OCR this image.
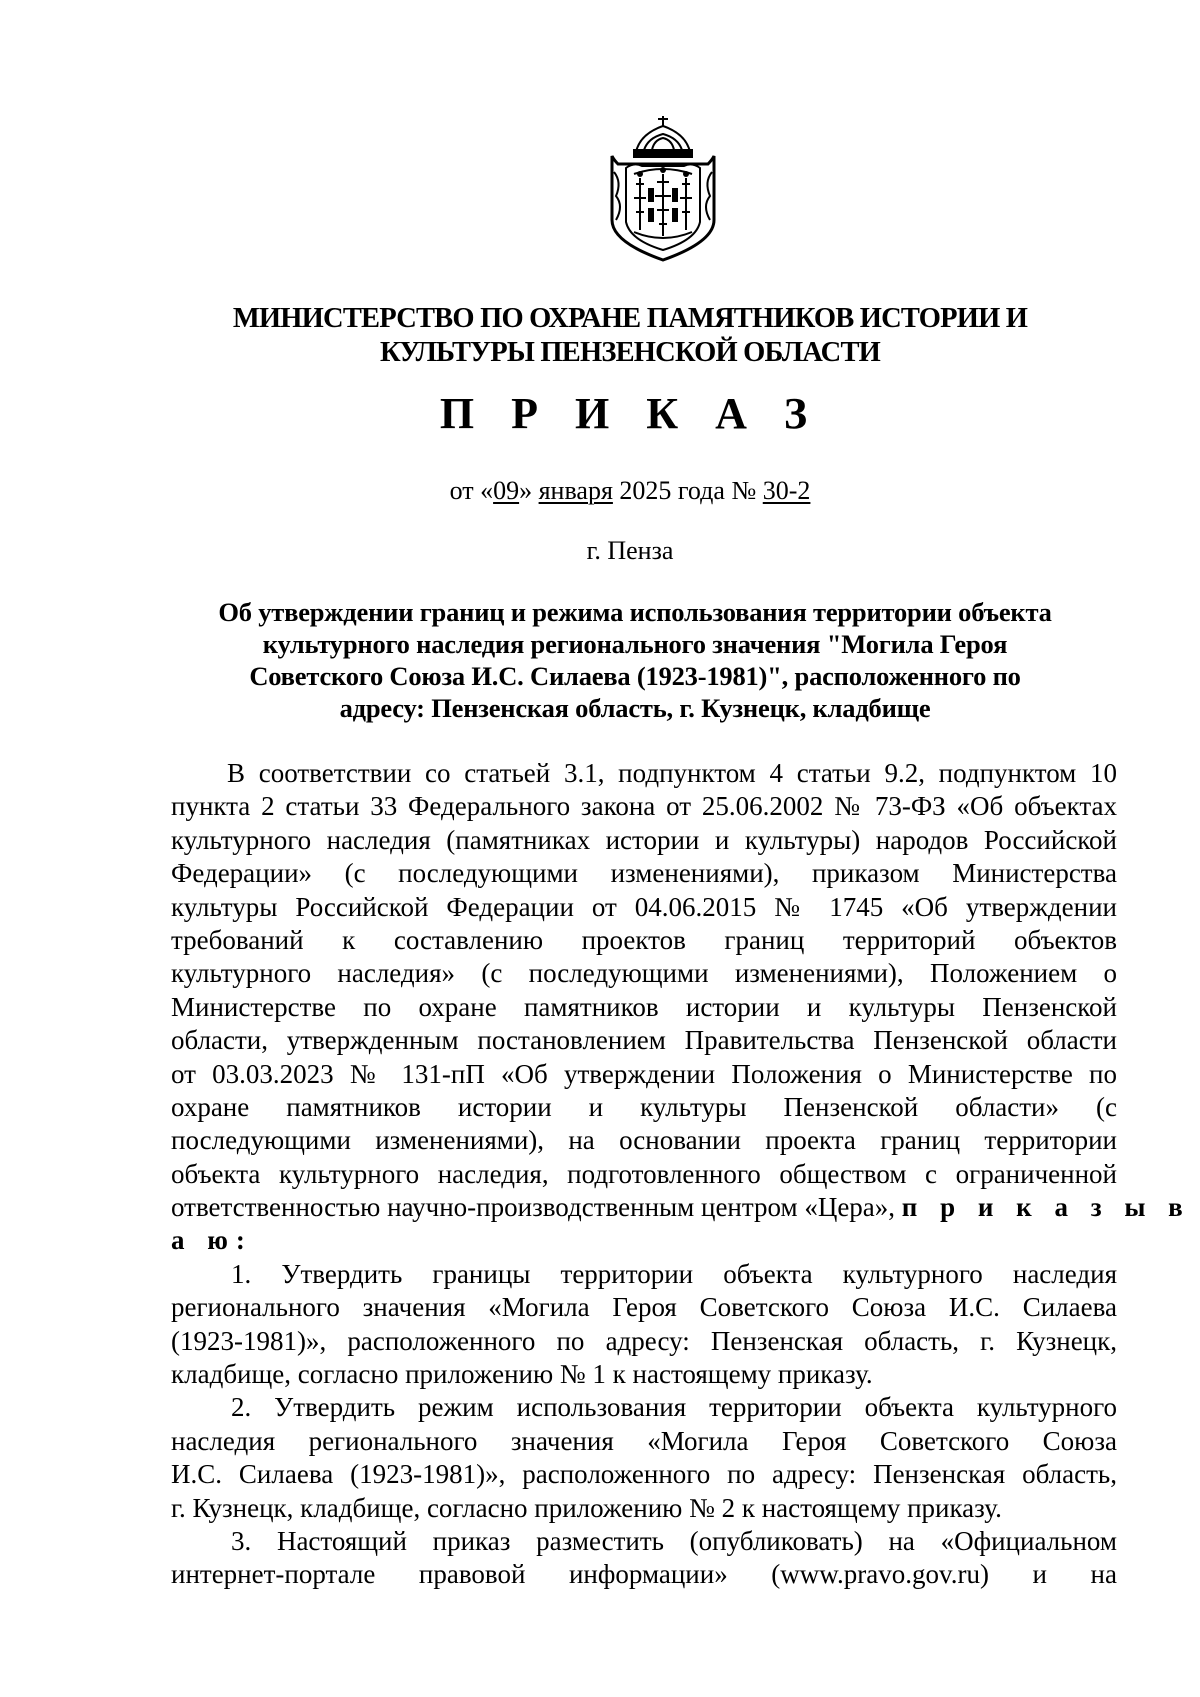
МИНИСТЕРСТВО ПО ОХРАНЕ ПАМЯТНИКОВ ИСТОРИИ И
КУЛЬТУРЫ ПЕНЗЕНСКОЙ ОБЛАСТИ
П Р И К А З
от «09» января 2025 года № 30-2
г. Пенза
Об утверждении границ и режима использования территории объекта
культурного наследия регионального значения "Могила Героя
Советского Союза И.С. Силаева (1923-1981)", расположенного по
адресу: Пензенская область, г. Кузнецк, кладбище
В соответствии со статьей 3.1, подпунктом 4 статьи 9.2, подпунктом 10
пункта 2 статьи 33 Федерального закона от 25.06.2002 № 73-ФЗ «Об объектах
культурного наследия (памятниках истории и культуры) народов Российской
Федерации» (с последующими изменениями), приказом Министерства
культуры Российской Федерации от 04.06.2015 № 1745 «Об утверждении
требований к составлению проектов границ территорий объектов
культурного наследия» (с последующими изменениями), Положением о
Министерстве по охране памятников истории и культуры Пензенской
области, утвержденным постановлением Правительства Пензенской области
от 03.03.2023 № 131-пП «Об утверждении Положения о Министерстве по
охране памятников истории и культуры Пензенской области» (с
последующими изменениями), на основании проекта границ территории
объекта культурного наследия, подготовленного обществом с ограниченной
ответственностью научно-производственным центром «Цера», п р и к а з ы в
а ю:
1. Утвердить границы территории объекта культурного наследия
регионального значения «Могила Героя Советского Союза И.С. Силаева
(1923-1981)», расположенного по адресу: Пензенская область, г. Кузнецк,
кладбище, согласно приложению № 1 к настоящему приказу.
2. Утвердить режим использования территории объекта культурного
наследия регионального значения «Могила Героя Советского Союза
И.С. Силаева (1923-1981)», расположенного по адресу: Пензенская область,
г. Кузнецк, кладбище, согласно приложению № 2 к настоящему приказу.
3. Настоящий приказ разместить (опубликовать) на «Официальном
интернет-портале правовой информации» (www.pravo.gov.ru) и на
